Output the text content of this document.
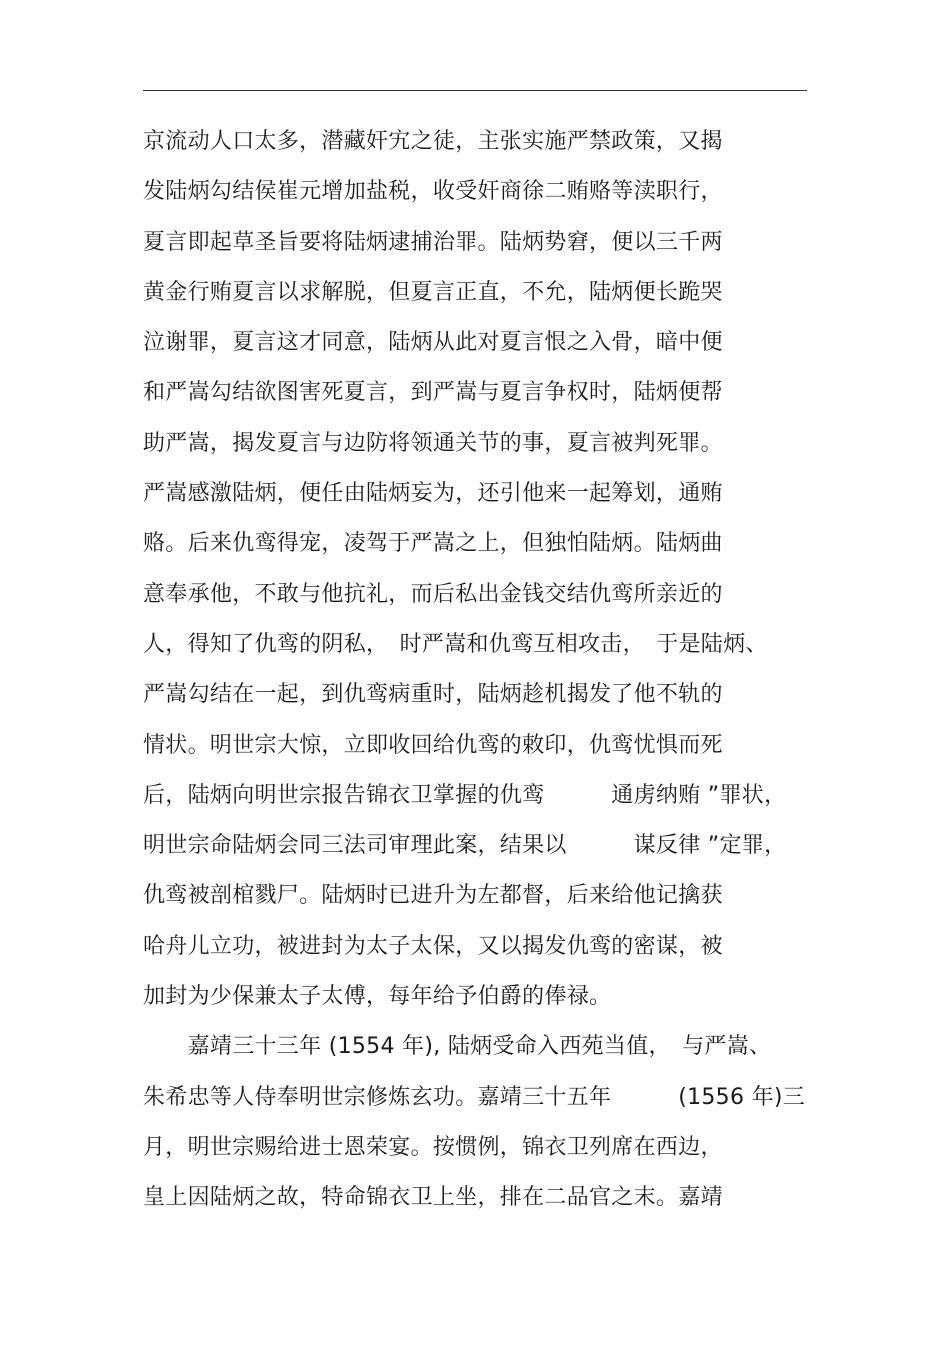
京流动人口太多，潜藏奸宄之徒，主张实施严禁政策，又揭
发陆炳勾结侯崔元增加盐税，收受奸商徐二贿赂等渎职行，
夏言即起草圣旨要将陆炳逮捕治罪。陆炳势窘，便以三千两
黄金行贿夏言以求解脱，但夏言正直，不允，陆炳便长跪哭
泣谢罪，夏言这才同意，陆炳从此对夏言恨之入骨，暗中便
和严嵩勾结欲图害死夏言，到严嵩与夏言争权时，陆炳便帮
助严嵩，揭发夏言与边防将领通关节的事，夏言被判死罪。
严嵩感激陆炳，便任由陆炳妄为，还引他来一起筹划，通贿
赂。后来仇鸾得宠，凌驾于严嵩之上，但独怕陆炳。陆炳曲
意奉承他，不敢与他抗礼，而后私出金钱交结仇鸾所亲近的
人，得知了仇鸾的阴私，　时严嵩和仇鸾互相攻击，　于是陆炳、
严嵩勾结在一起，到仇鸾病重时，陆炳趁机揭发了他不轨的
情状。明世宗大惊，立即收回给仇鸾的敕印，仇鸾忧惧而死
后，陆炳向明世宗报告锦衣卫掌握的仇鸾　　　通虏纳贿 ”罪状，
明世宗命陆炳会同三法司审理此案，结果以　　　谋反律 ”定罪，
仇鸾被剖棺戮尸。陆炳时已进升为左都督，后来给他记擒获
哈舟儿立功，被进封为太子太保，又以揭发仇鸾的密谋，被
加封为少保兼太子太傅，每年给予伯爵的俸禄。
　　嘉靖三十三年 (1554 年), 陆炳受命入西苑当值，　与严嵩、
朱希忠等人侍奉明世宗修炼玄功。嘉靖三十五年　　　(1556 年)三
月，明世宗赐给进士恩荣宴。按惯例，锦衣卫列席在西边，
皇上因陆炳之故，特命锦衣卫上坐，排在二品官之末。嘉靖
